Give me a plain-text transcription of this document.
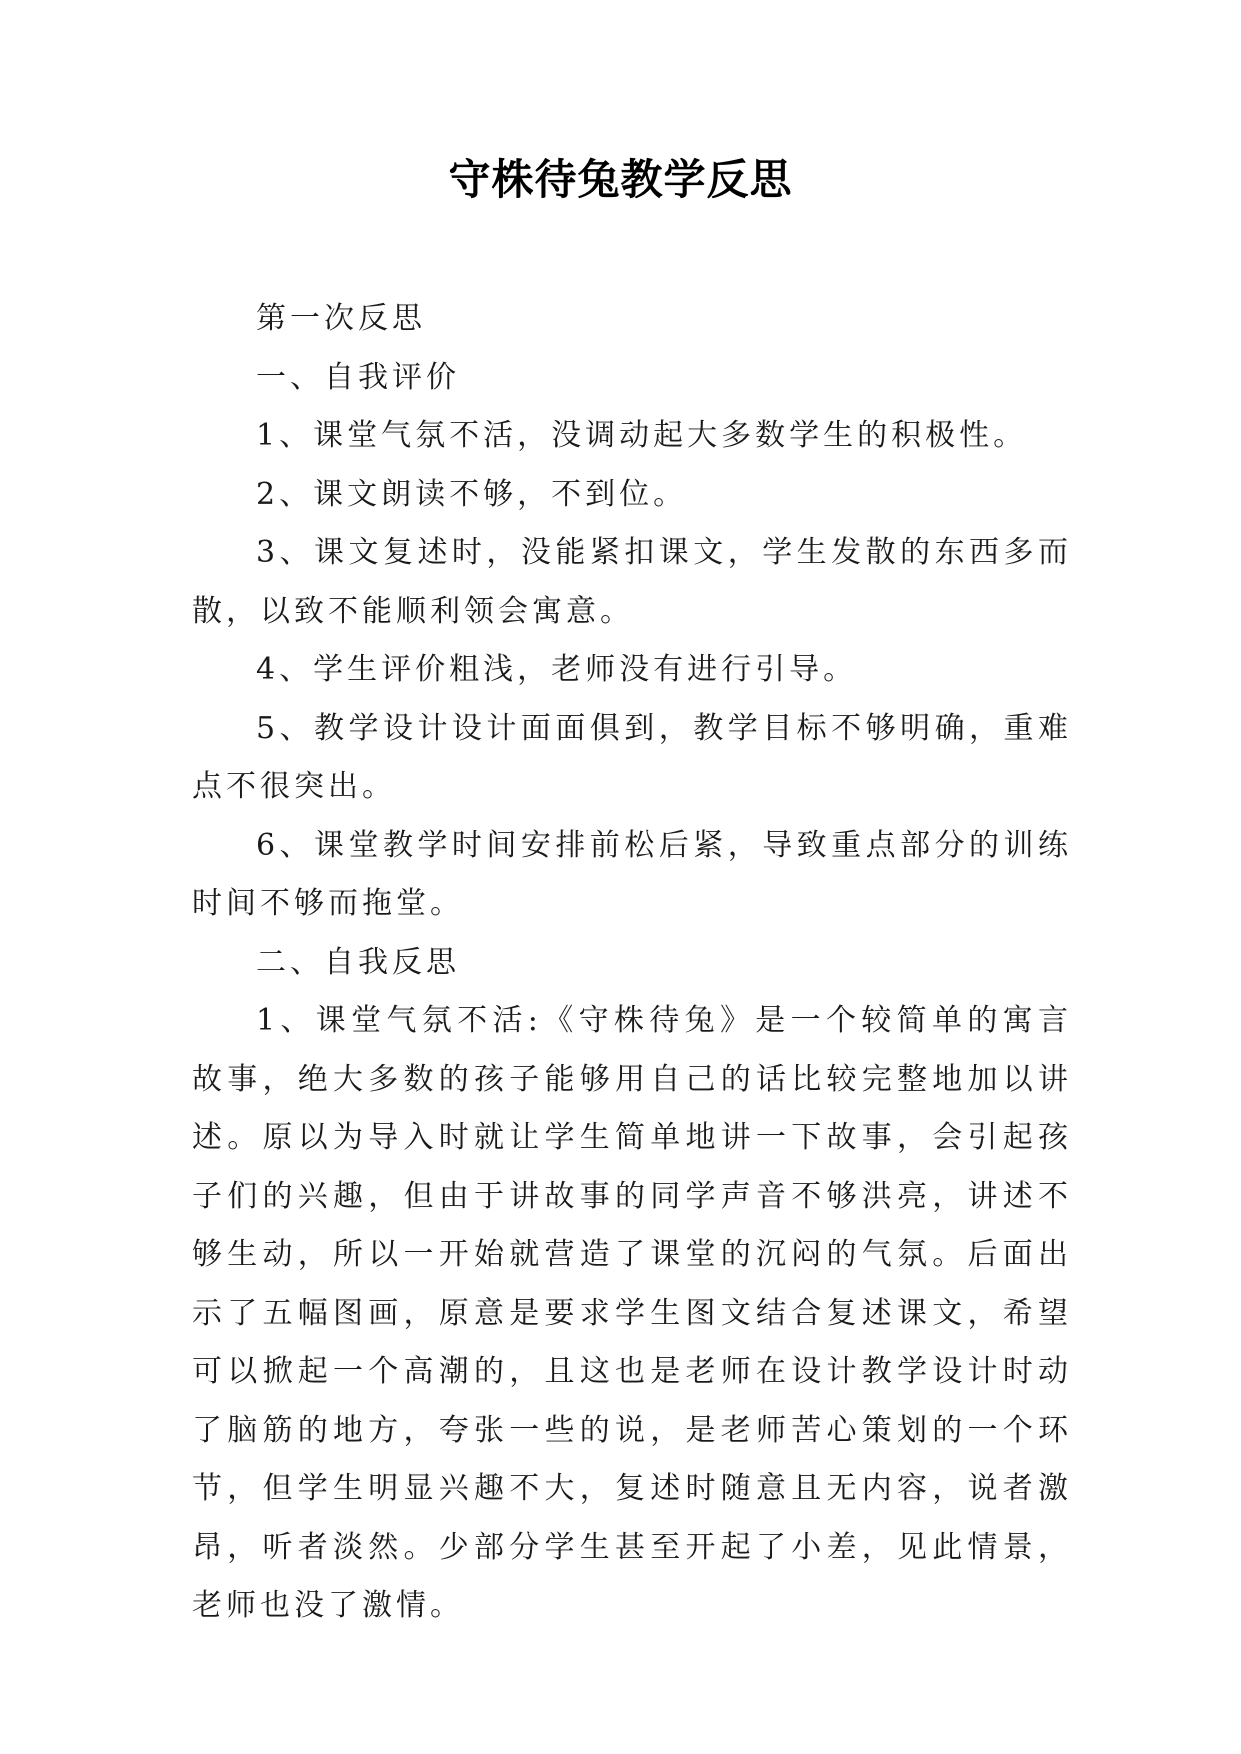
守株待兔教学反思

第一次反思

一、自我评价

1、课堂气氛不活，没调动起大多数学生的积极性。

2、课文朗读不够，不到位。

3、课文复述时，没能紧扣课文，学生发散的东西多而散，以致不能顺利领会寓意。

4、学生评价粗浅，老师没有进行引导。

5、教学设计设计面面俱到，教学目标不够明确，重难点不很突出。

6、课堂教学时间安排前松后紧，导致重点部分的训练时间不够而拖堂。

二、自我反思

1、课堂气氛不活:《守株待兔》是一个较简单的寓言故事，绝大多数的孩子能够用自己的话比较完整地加以讲述。原以为导入时就让学生简单地讲一下故事，会引起孩子们的兴趣，但由于讲故事的同学声音不够洪亮，讲述不够生动，所以一开始就营造了课堂的沉闷的气氛。后面出示了五幅图画，原意是要求学生图文结合复述课文，希望可以掀起一个高潮的，且这也是老师在设计教学设计时动了脑筋的地方，夸张一些的说，是老师苦心策划的一个环节，但学生明显兴趣不大，复述时随意且无内容，说者激昂，听者淡然。少部分学生甚至开起了小差，见此情景，老师也没了激情。
